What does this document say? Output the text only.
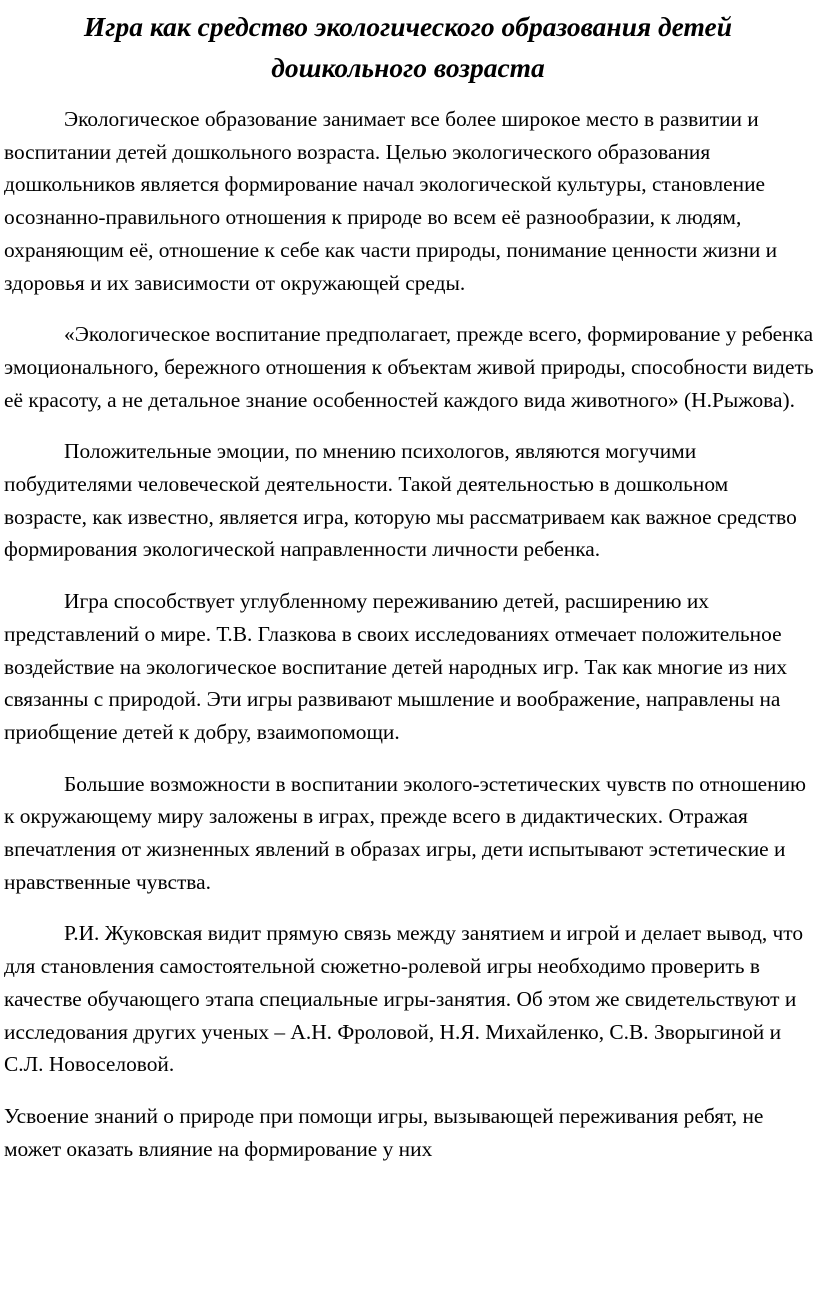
Игра как средство экологического образования детей дошкольного возраста

Экологическое образование занимает все более широкое место в развитии и воспитании детей дошкольного возраста. Целью экологического образования дошкольников является формирование начал экологической культуры, становление осознанно-правильного отношения к природе во всем её разнообразии, к людям, охраняющим её, отношение к себе как части природы, понимание ценности жизни и здоровья и их зависимости от окружающей среды.

«Экологическое воспитание предполагает, прежде всего, формирование у ребенка эмоционального, бережного отношения к объектам живой природы, способности видеть её красоту, а не детальное знание особенностей каждого вида животного» (Н.Рыжова).

Положительные эмоции, по мнению психологов, являются могучими побудителями человеческой деятельности. Такой деятельностью в дошкольном возрасте, как известно, является игра, которую мы рассматриваем как важное средство формирования экологической направленности личности ребенка.

Игра способствует углубленному переживанию детей, расширению их представлений о мире. Т.В. Глазкова в своих исследованиях отмечает положительное воздействие на экологическое воспитание детей народных игр. Так как многие из них связанны с природой. Эти игры развивают мышление и воображение, направлены на приобщение детей к добру, взаимопомощи.

Большие возможности в воспитании эколого-эстетических чувств по отношению к окружающему миру заложены в играх, прежде всего в дидактических. Отражая впечатления от жизненных явлений в образах игры, дети испытывают эстетические и нравственные чувства.

Р.И. Жуковская видит прямую связь между занятием и игрой и делает вывод, что для становления самостоятельной сюжетно-ролевой игры необходимо проверить в качестве обучающего этапа специальные игры-занятия. Об этом же свидетельствуют и исследования других ученых – А.Н. Фроловой, Н.Я. Михайленко, С.В. Зворыгиной и С.Л. Новоселовой.

Усвоение знаний о природе при помощи игры, вызывающей переживания ребят, не может оказать влияние на формирование у них
